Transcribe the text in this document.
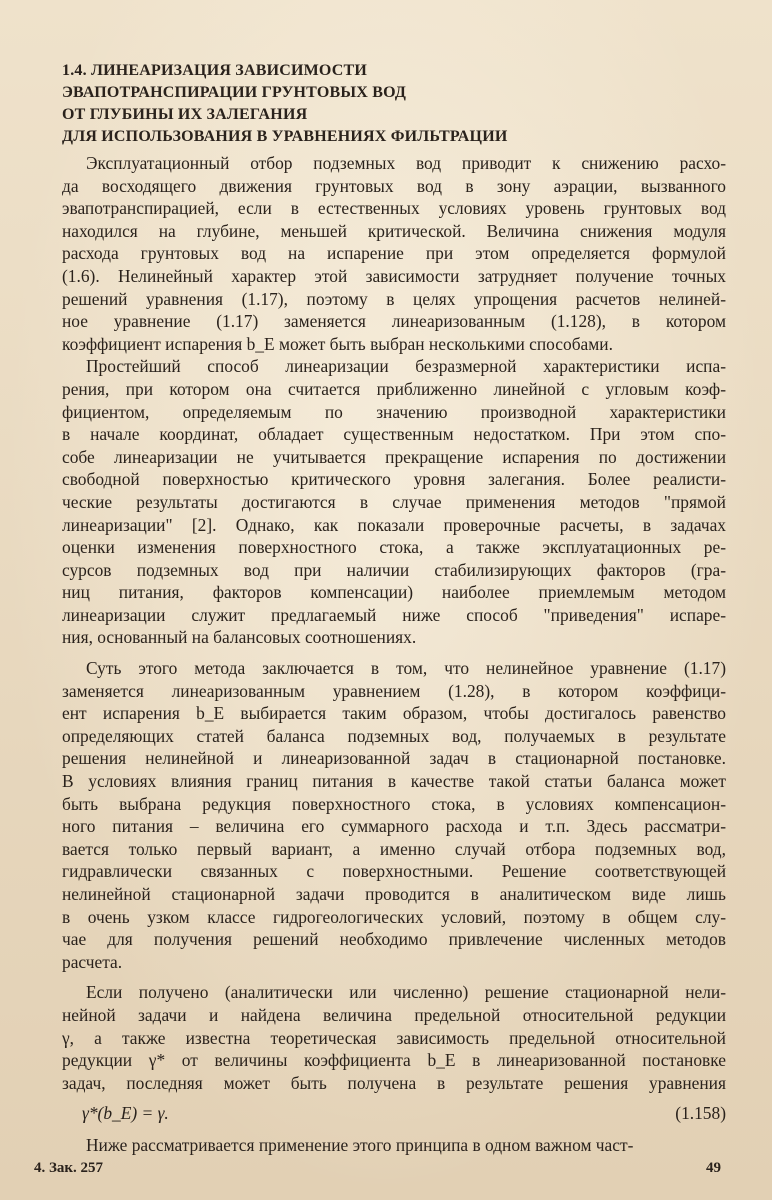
1.4. ЛИНЕАРИЗАЦИЯ ЗАВИСИМОСТИ
ЭВАПОТРАНСПИРАЦИИ ГРУНТОВЫХ ВОД
ОТ ГЛУБИНЫ ИХ ЗАЛЕГАНИЯ
ДЛЯ ИСПОЛЬЗОВАНИЯ В УРАВНЕНИЯХ ФИЛЬТРАЦИИ
Эксплуатационный отбор подземных вод приводит к снижению расхо-
да восходящего движения грунтовых вод в зону аэрации, вызванного
эвапотранспирацией, если в естественных условиях уровень грунтовых вод
находился на глубине, меньшей критической. Величина снижения модуля
расхода грунтовых вод на испарение при этом определяется формулой
(1.6). Нелинейный характер этой зависимости затрудняет получение точных
решений уравнения (1.17), поэтому в целях упрощения расчетов нелиней-
ное уравнение (1.17) заменяется линеаризованным (1.128), в котором
коэффициент испарения b_E может быть выбран несколькими способами.
Простейший способ линеаризации безразмерной характеристики испа-
рения, при котором она считается приближенно линейной с угловым коэф-
фициентом, определяемым по значению производной характеристики
в начале координат, обладает существенным недостатком. При этом спо-
собе линеаризации не учитывается прекращение испарения по достижении
свободной поверхностью критического уровня залегания. Более реалисти-
ческие результаты достигаются в случае применения методов "прямой
линеаризации" [2]. Однако, как показали проверочные расчеты, в задачах
оценки изменения поверхностного стока, а также эксплуатационных ре-
сурсов подземных вод при наличии стабилизирующих факторов (гра-
ниц питания, факторов компенсации) наиболее приемлемым методом
линеаризации служит предлагаемый ниже способ "приведения" испаре-
ния, основанный на балансовых соотношениях.
Суть этого метода заключается в том, что нелинейное уравнение (1.17)
заменяется линеаризованным уравнением (1.28), в котором коэффици-
ент испарения b_E выбирается таким образом, чтобы достигалось равенство
определяющих статей баланса подземных вод, получаемых в результате
решения нелинейной и линеаризованной задач в стационарной постановке.
В условиях влияния границ питания в качестве такой статьи баланса может
быть выбрана редукция поверхностного стока, в условиях компенсацион-
ного питания – величина его суммарного расхода и т.п. Здесь рассматри-
вается только первый вариант, а именно случай отбора подземных вод,
гидравлически связанных с поверхностными. Решение соответствующей
нелинейной стационарной задачи проводится в аналитическом виде лишь
в очень узком классе гидрогеологических условий, поэтому в общем слу-
чае для получения решений необходимо привлечение численных методов
расчета.
Если получено (аналитически или численно) решение стационарной нели-
нейной задачи и найдена величина предельной относительной редукции
γ, а также известна теоретическая зависимость предельной относительной
редукции γ* от величины коэффициента b_E в линеаризованной постановке
задач, последняя может быть получена в результате решения уравнения
γ*(b_E) = γ.	(1.158)
Ниже рассматривается применение этого принципа в одном важном част-
4. Зак. 257	49
